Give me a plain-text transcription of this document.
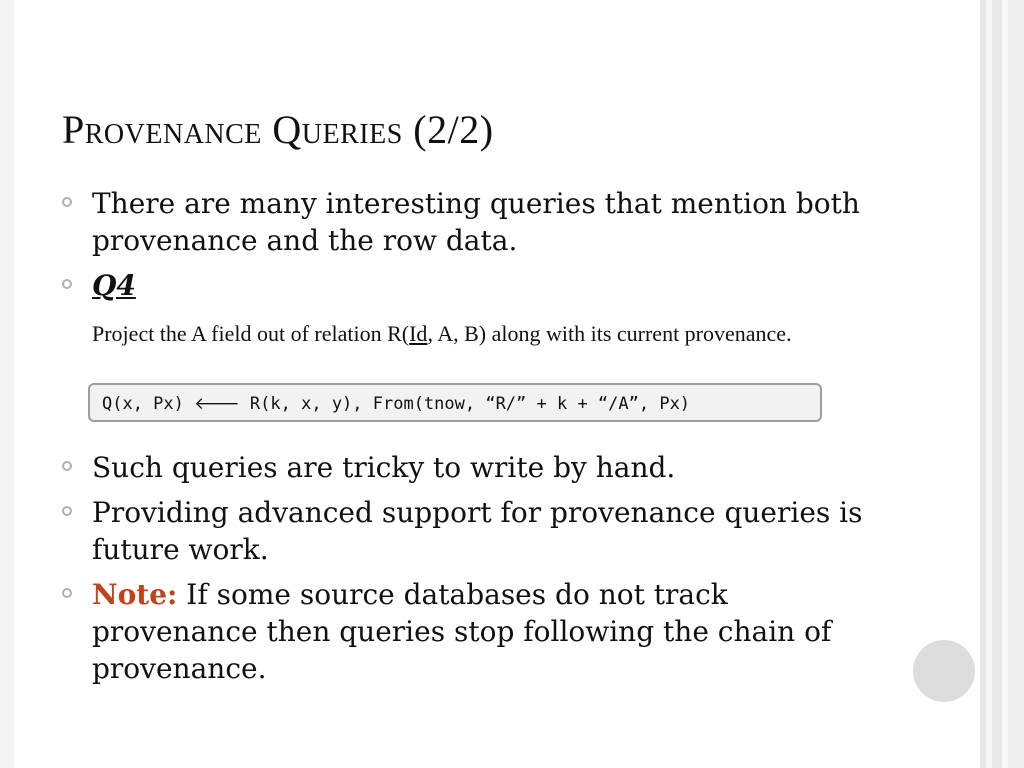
Provenance Queries (2/2)
There are many interesting queries that mention both provenance and the row data.
Q4
Project the A field out of relation R(Id, A, B) along with its current provenance.
Q(x, Px) 🡐 R(k, x, y), From(tnow, “R/” + k + “/A”, Px)
Such queries are tricky to write by hand.
Providing advanced support for provenance queries is future work.
Note: If some source databases do not track provenance then queries stop following the chain of provenance.
